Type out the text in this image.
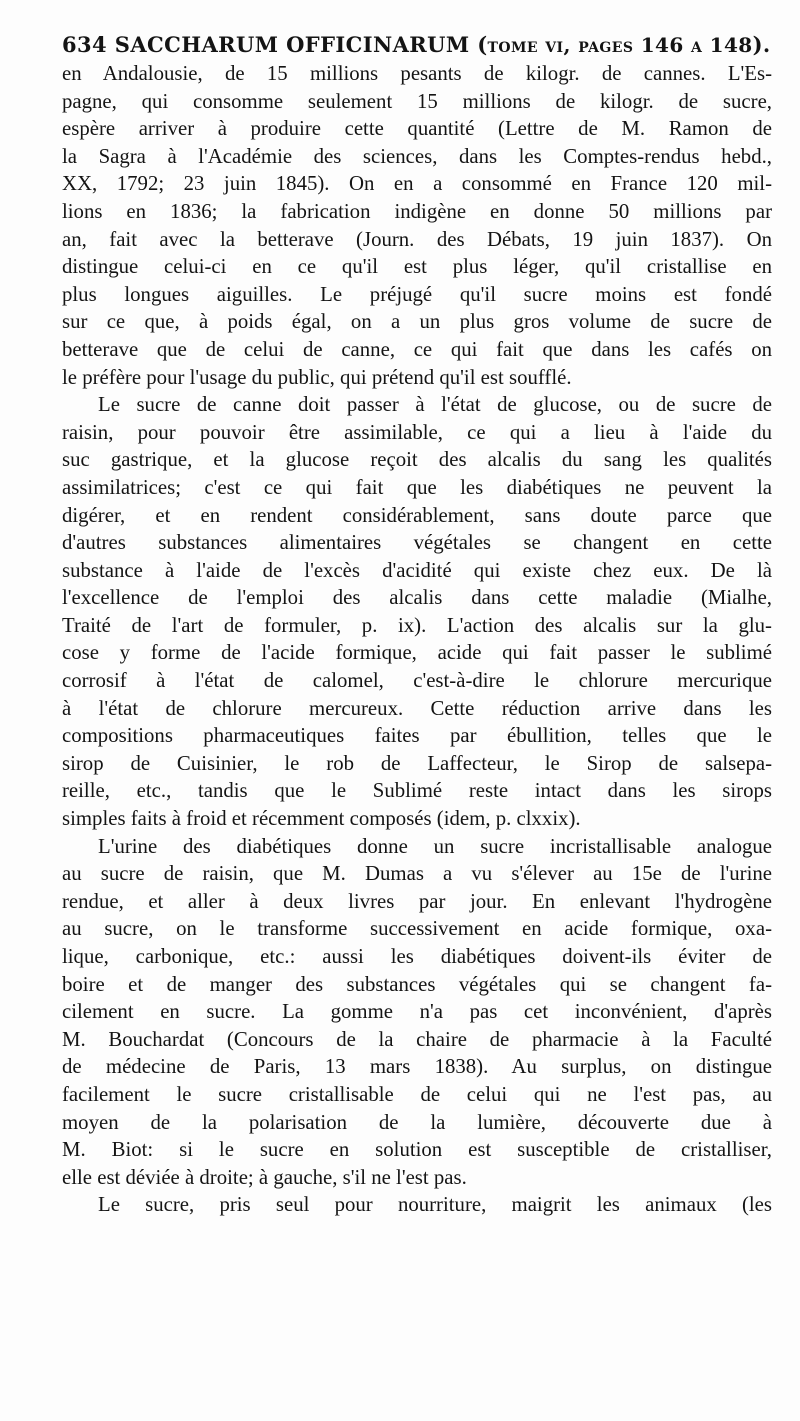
634 SACCHARUM OFFICINARUM (tome vi, pages 146 a 148).
en Andalousie, de 15 millions pesants de kilogr. de cannes. L'Es-
pagne, qui consomme seulement 15 millions de kilogr. de sucre,
espère arriver à produire cette quantité (Lettre de M. Ramon de
la Sagra à l'Académie des sciences, dans les Comptes-rendus hebd.,
XX, 1792; 23 juin 1845). On en a consommé en France 120 mil-
lions en 1836; la fabrication indigène en donne 50 millions par
an, fait avec la betterave (Journ. des Débats, 19 juin 1837). On
distingue celui-ci en ce qu'il est plus léger, qu'il cristallise en
plus longues aiguilles. Le préjugé qu'il sucre moins est fondé
sur ce que, à poids égal, on a un plus gros volume de sucre de
betterave que de celui de canne, ce qui fait que dans les cafés on
le préfère pour l'usage du public, qui prétend qu'il est soufflé.
Le sucre de canne doit passer à l'état de glucose, ou de sucre de
raisin, pour pouvoir être assimilable, ce qui a lieu à l'aide du
suc gastrique, et la glucose reçoit des alcalis du sang les qualités
assimilatrices; c'est ce qui fait que les diabétiques ne peuvent la
digérer, et en rendent considérablement, sans doute parce que
d'autres substances alimentaires végétales se changent en cette
substance à l'aide de l'excès d'acidité qui existe chez eux. De là
l'excellence de l'emploi des alcalis dans cette maladie (Mialhe,
Traité de l'art de formuler, p. ix). L'action des alcalis sur la glu-
cose y forme de l'acide formique, acide qui fait passer le sublimé
corrosif à l'état de calomel, c'est-à-dire le chlorure mercurique
à l'état de chlorure mercureux. Cette réduction arrive dans les
compositions pharmaceutiques faites par ébullition, telles que le
sirop de Cuisinier, le rob de Laffecteur, le Sirop de salsepa-
reille, etc., tandis que le Sublimé reste intact dans les sirops
simples faits à froid et récemment composés (idem, p. clxxix).
L'urine des diabétiques donne un sucre incristallisable analogue
au sucre de raisin, que M. Dumas a vu s'élever au 15e de l'urine
rendue, et aller à deux livres par jour. En enlevant l'hydrogène
au sucre, on le transforme successivement en acide formique, oxa-
lique, carbonique, etc.: aussi les diabétiques doivent-ils éviter de
boire et de manger des substances végétales qui se changent fa-
cilement en sucre. La gomme n'a pas cet inconvénient, d'après
M. Bouchardat (Concours de la chaire de pharmacie à la Faculté
de médecine de Paris, 13 mars 1838). Au surplus, on distingue
facilement le sucre cristallisable de celui qui ne l'est pas, au
moyen de la polarisation de la lumière, découverte due à
M. Biot: si le sucre en solution est susceptible de cristalliser,
elle est déviée à droite; à gauche, s'il ne l'est pas.
Le sucre, pris seul pour nourriture, maigrit les animaux (les
